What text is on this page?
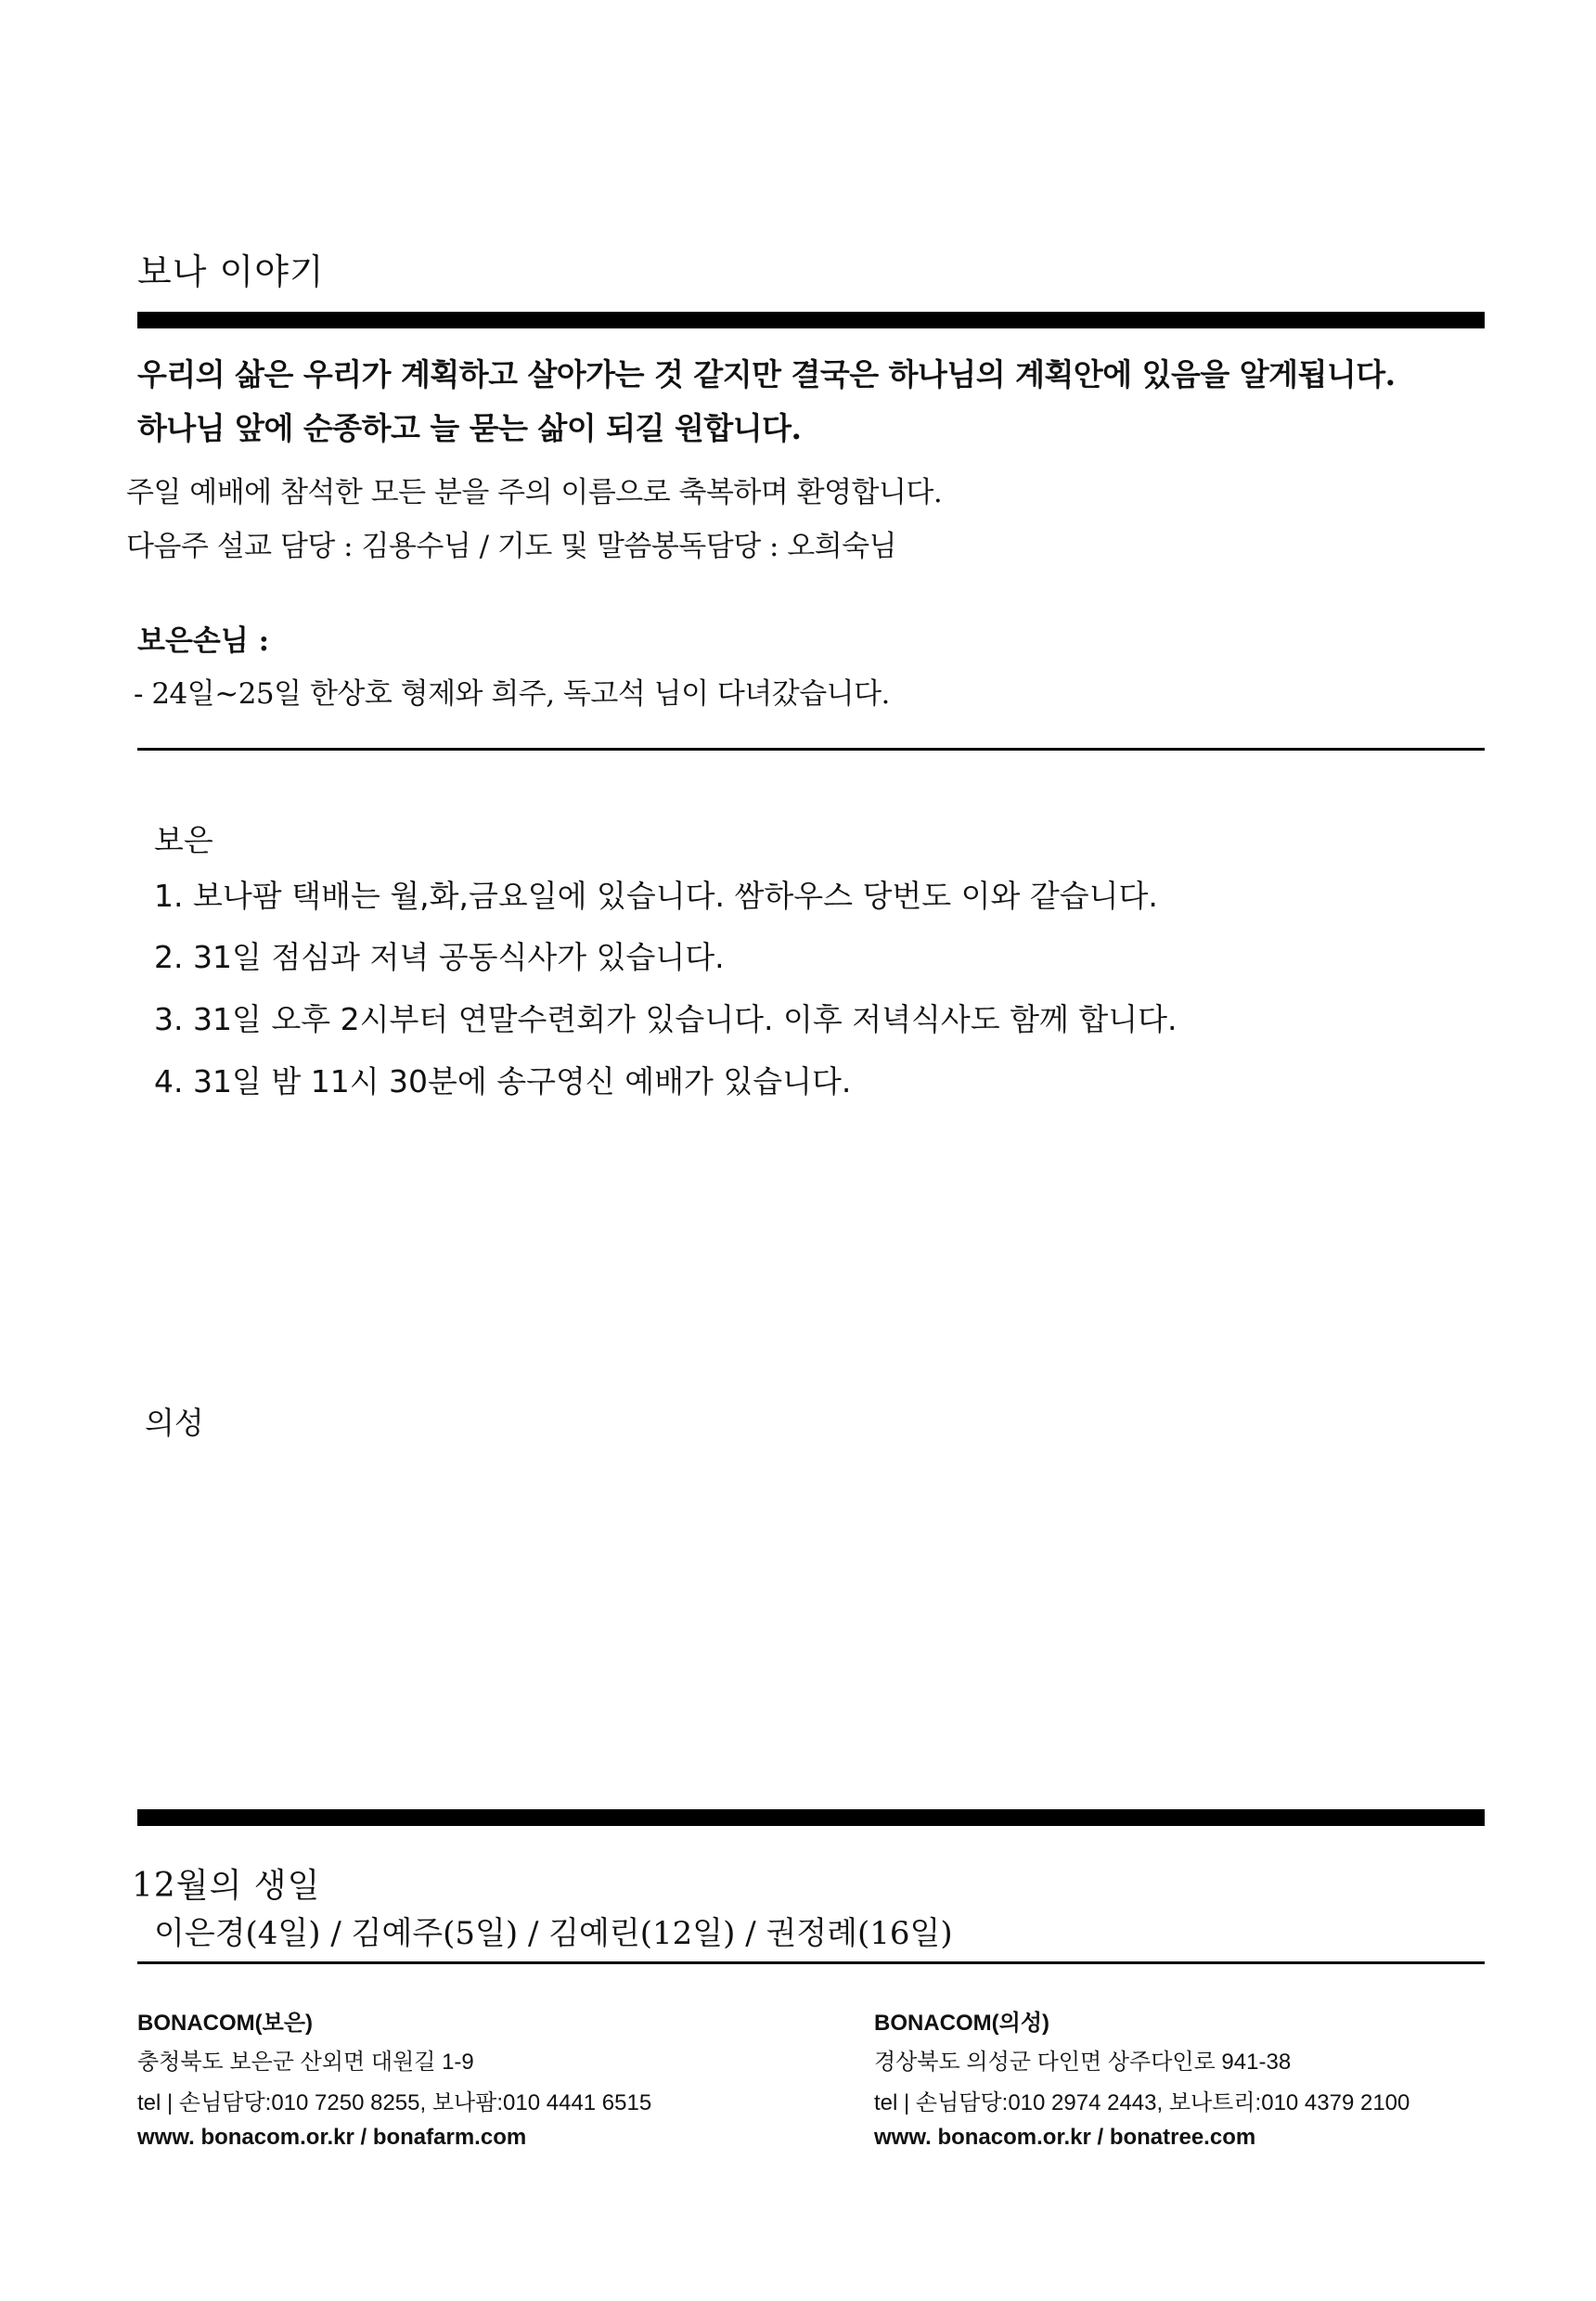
보나 이야기
우리의 삶은 우리가 계획하고 살아가는 것 같지만 결국은 하나님의 계획안에 있음을 알게됩니다.
하나님 앞에 순종하고 늘 묻는 삶이 되길 원합니다.
주일 예배에 참석한 모든 분을 주의 이름으로 축복하며 환영합니다.
다음주 설교 담당 : 김용수님 / 기도 및 말씀봉독담당 : 오희숙님
보은손님 :
- 24일~25일 한상호 형제와 희주, 독고석 님이 다녀갔습니다.
보은
1. 보나팜 택배는 월,화,금요일에 있습니다. 쌈하우스 당번도 이와 같습니다.
2. 31일 점심과 저녁 공동식사가 있습니다.
3. 31일 오후 2시부터 연말수련회가 있습니다. 이후 저녁식사도 함께 합니다.
4. 31일 밤 11시 30분에 송구영신 예배가 있습니다.
의성
12월의 생일
이은경(4일) / 김예주(5일) / 김예린(12일) / 권정례(16일)
BONACOM(보은)
충청북도 보은군 산외면 대원길 1-9
tel | 손님담당:010 7250 8255, 보나팜:010 4441 6515
www. bonacom.or.kr / bonafarm.com
BONACOM(의성)
경상북도 의성군 다인면 상주다인로 941-38
tel | 손님담당:010 2974 2443, 보나트리:010 4379 2100
www. bonacom.or.kr / bonatree.com
